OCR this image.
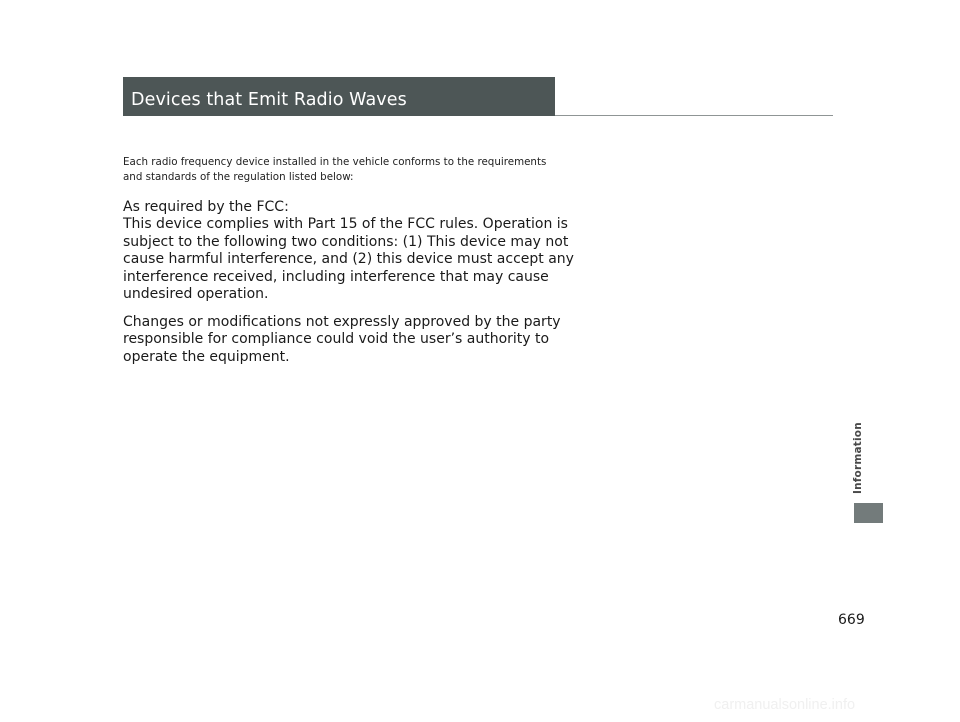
Devices that Emit Radio Waves

Each radio frequency device installed in the vehicle conforms to the requirements
and standards of the regulation listed below:

As required by the FCC:
This device complies with Part 15 of the FCC rules. Operation is
subject to the following two conditions: (1) This device may not
cause harmful interference, and (2) this device must accept any
interference received, including interference that may cause
undesired operation.

Changes or modifications not expressly approved by the party
responsible for compliance could void the user’s authority to
operate the equipment.

Information
669
carmanualsonline.info
